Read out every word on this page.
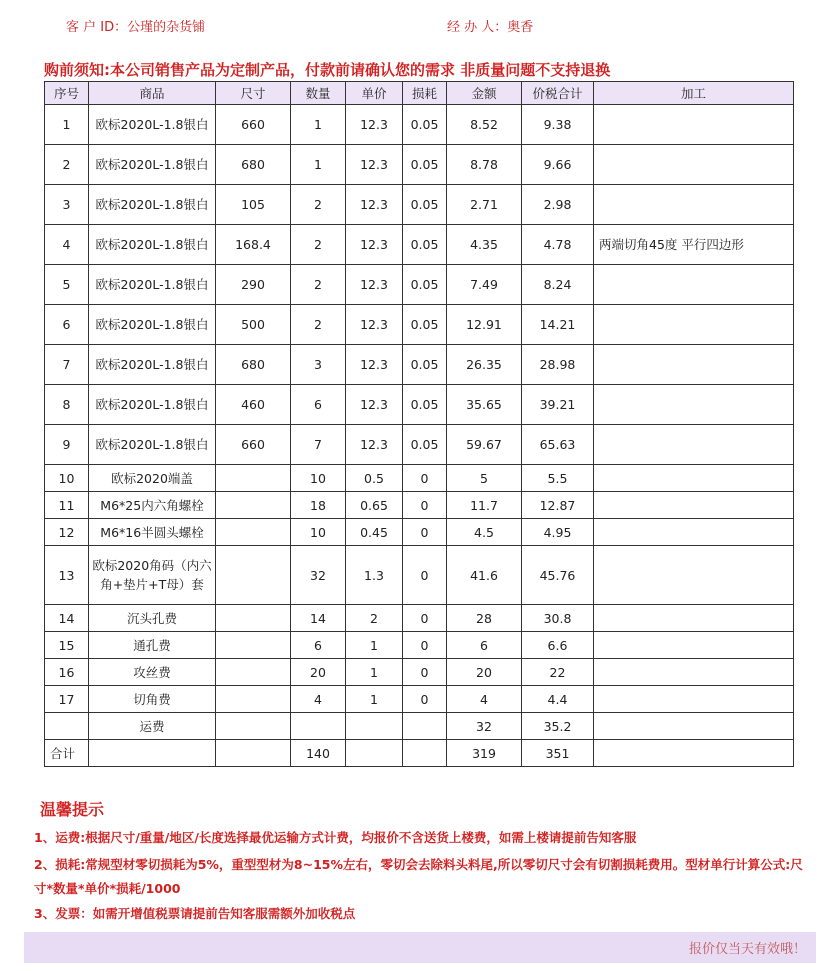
客 户 ID：公瑾的杂货铺	经 办 人：奥香
购前须知:本公司销售产品为定制产品，付款前请确认您的需求 非质量问题不支持退换
序号	商品	尺寸	数量	单价	损耗	金额	价税合计	加工
1	欧标2020L-1.8银白	660	1	12.3	0.05	8.52	9.38	
2	欧标2020L-1.8银白	680	1	12.3	0.05	8.78	9.66	
3	欧标2020L-1.8银白	105	2	12.3	0.05	2.71	2.98	
4	欧标2020L-1.8银白	168.4	2	12.3	0.05	4.35	4.78	两端切角45度 平行四边形
5	欧标2020L-1.8银白	290	2	12.3	0.05	7.49	8.24	
6	欧标2020L-1.8银白	500	2	12.3	0.05	12.91	14.21	
7	欧标2020L-1.8银白	680	3	12.3	0.05	26.35	28.98	
8	欧标2020L-1.8银白	460	6	12.3	0.05	35.65	39.21	
9	欧标2020L-1.8银白	660	7	12.3	0.05	59.67	65.63	
10	欧标2020端盖		10	0.5	0	5	5.5	
11	M6*25内六角螺栓		18	0.65	0	11.7	12.87	
12	M6*16半圆头螺栓		10	0.45	0	4.5	4.95	
13	欧标2020角码（内六角+垫片+T母）套		32	1.3	0	41.6	45.76	
14	沉头孔费		14	2	0	28	30.8	
15	通孔费		6	1	0	6	6.6	
16	攻丝费		20	1	0	20	22	
17	切角费		4	1	0	4	4.4	
	运费					32	35.2	
合计			140			319	351	
温馨提示
1、运费:根据尺寸/重量/地区/长度选择最优运输方式计费，均报价不含送货上楼费，如需上楼请提前告知客服
2、损耗:常规型材零切损耗为5%，重型型材为8~15%左右，零切会去除料头料尾,所以零切尺寸会有切割损耗费用。型材单行计算公式:尺寸*数量*单价*损耗/1000
3、发票：如需开增值税票请提前告知客服需额外加收税点
报价仅当天有效哦！
